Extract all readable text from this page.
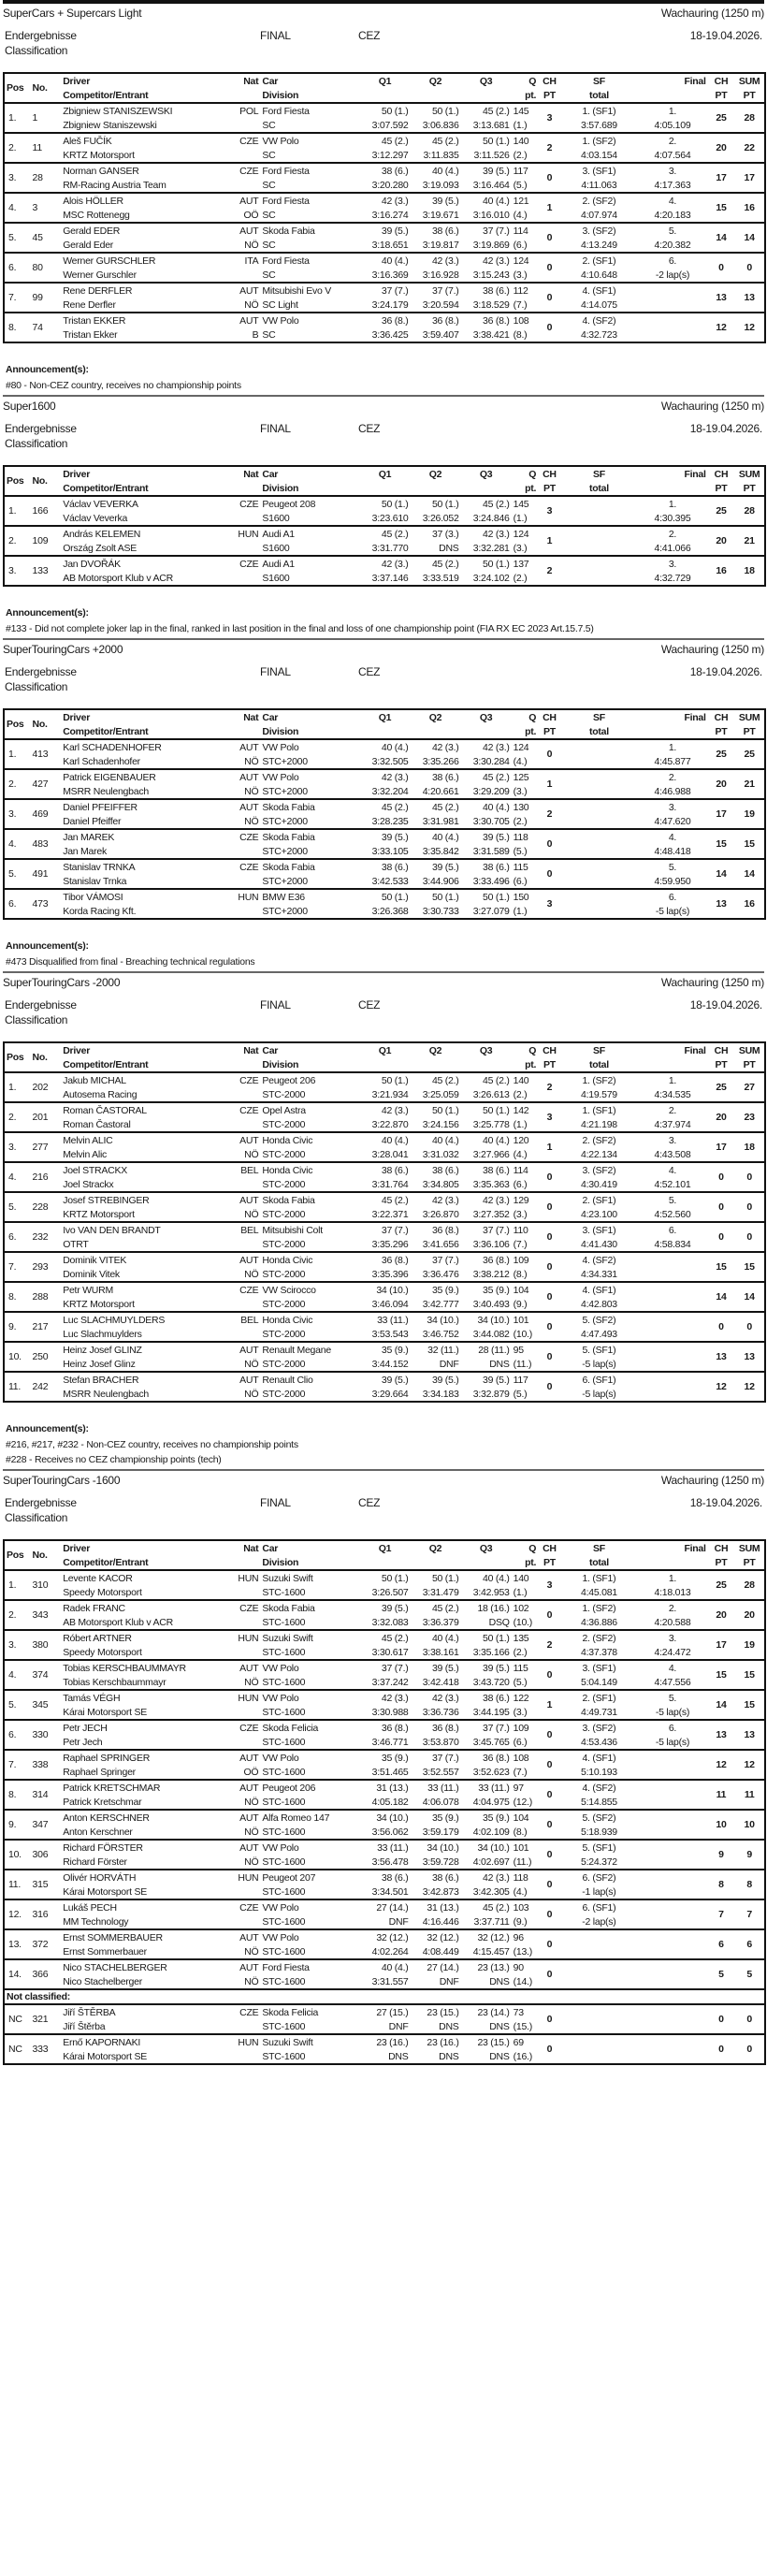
SuperCars + Supercars Light	Wachauring (1250 m)
Endergebnisse	FINAL	CEZ	18-19.04.2026.
Classification
Pos	No.	Driver	Nat	Car	Q1	Q2	Q3	Q	CH	SF	Final	CH	SUM
		Competitor/Entrant		Division				pt.	PT	total		PT	PT
1.	1	Zbigniew STANISZEWSKI	POL	Ford Fiesta	50 (1.)	50 (1.)	45 (2.)	145	3	1. (SF1)	1.	25	28
		Zbigniew Staniszewski		SC	3:07.592	3:06.836	3:13.681	(1.)		3:57.689	4:05.109		
2.	11	Aleš FUČÍK	CZE	VW Polo	45 (2.)	45 (2.)	50 (1.)	140	2	1. (SF2)	2.	20	22
		KRTZ Motorsport		SC	3:12.297	3:11.835	3:11.526	(2.)		4:03.154	4:07.564		
3.	28	Norman GANSER	CZE	Ford Fiesta	38 (6.)	40 (4.)	39 (5.)	117	0	3. (SF1)	3.	17	17
		RM-Racing Austria Team		SC	3:20.280	3:19.093	3:16.464	(5.)		4:11.063	4:17.363		
4.	3	Alois HÖLLER	AUT	Ford Fiesta	42 (3.)	39 (5.)	40 (4.)	121	1	2. (SF2)	4.	15	16
		MSC Rottenegg	OÖ	SC	3:16.274	3:19.671	3:16.010	(4.)		4:07.974	4:20.183		
5.	45	Gerald EDER	AUT	Skoda Fabia	39 (5.)	38 (6.)	37 (7.)	114	0	3. (SF2)	5.	14	14
		Gerald Eder	NÖ	SC	3:18.651	3:19.817	3:19.869	(6.)		4:13.249	4:20.382		
6.	80	Werner GURSCHLER	ITA	Ford Fiesta	40 (4.)	42 (3.)	42 (3.)	124	0	2. (SF1)	6.	0	0
		Werner Gurschler		SC	3:16.369	3:16.928	3:15.243	(3.)		4:10.648	-2 lap(s)		
7.	99	Rene DERFLER	AUT	Mitsubishi Evo V	37 (7.)	37 (7.)	38 (6.)	112	0	4. (SF1)		13	13
		Rene Derfler	NÖ	SC Light	3:24.179	3:20.594	3:18.529	(7.)		4:14.075			
8.	74	Tristan EKKER	AUT	VW Polo	36 (8.)	36 (8.)	36 (8.)	108	0	4. (SF2)		12	12
		Tristan Ekker	B	SC	3:36.425	3:59.407	3:38.421	(8.)		4:32.723			
Announcement(s):
#80 - Non-CEZ country, receives no championship points
Super1600	Wachauring (1250 m)
Endergebnisse	FINAL	CEZ	18-19.04.2026.
Classification
Pos	No.	Driver	Nat	Car	Q1	Q2	Q3	Q	CH	SF	Final	CH	SUM
		Competitor/Entrant		Division				pt.	PT	total		PT	PT
1.	166	Václav VEVERKA	CZE	Peugeot 208	50 (1.)	50 (1.)	45 (2.)	145	3		1.	25	28
		Václav Veverka		S1600	3:23.610	3:26.052	3:24.846	(1.)			4:30.395		
2.	109	András KELEMEN	HUN	Audi A1	45 (2.)	37 (3.)	42 (3.)	124	1		2.	20	21
		Ország Zsolt ASE		S1600	3:31.770	DNS	3:32.281	(3.)			4:41.066		
3.	133	Jan DVOŘÁK	CZE	Audi A1	42 (3.)	45 (2.)	50 (1.)	137	2		3.	16	18
		AB Motorsport Klub v ACR		S1600	3:37.146	3:33.519	3:24.102	(2.)			4:32.729		
Announcement(s):
#133 - Did not complete joker lap in the final, ranked in last position in the final and loss of one championship point (FIA RX EC 2023 Art.15.7.5)
SuperTouringCars +2000	Wachauring (1250 m)
Endergebnisse	FINAL	CEZ	18-19.04.2026.
Classification
Pos	No.	Driver	Nat	Car	Q1	Q2	Q3	Q	CH	SF	Final	CH	SUM
		Competitor/Entrant		Division				pt.	PT	total		PT	PT
1.	413	Karl SCHADENHOFER	AUT	VW Polo	40 (4.)	42 (3.)	42 (3.)	124	0		1.	25	25
		Karl Schadenhofer	NÖ	STC+2000	3:32.505	3:35.266	3:30.284	(4.)			4:45.877		
2.	427	Patrick EIGENBAUER	AUT	VW Polo	42 (3.)	38 (6.)	45 (2.)	125	1		2.	20	21
		MSRR Neulengbach	NÖ	STC+2000	3:32.204	4:20.661	3:29.209	(3.)			4:46.988		
3.	469	Daniel PFEIFFER	AUT	Skoda Fabia	45 (2.)	45 (2.)	40 (4.)	130	2		3.	17	19
		Daniel Pfeiffer	NÖ	STC+2000	3:28.235	3:31.981	3:30.705	(2.)			4:47.620		
4.	483	Jan MAREK	CZE	Skoda Fabia	39 (5.)	40 (4.)	39 (5.)	118	0		4.	15	15
		Jan Marek		STC+2000	3:33.105	3:35.842	3:31.589	(5.)			4:48.418		
5.	491	Stanislav TRNKA	CZE	Skoda Fabia	38 (6.)	39 (5.)	38 (6.)	115	0		5.	14	14
		Stanislav Trnka		STC+2000	3:42.533	3:44.906	3:33.496	(6.)			4:59.950		
6.	473	Tibor VÁMOSI	HUN	BMW E36	50 (1.)	50 (1.)	50 (1.)	150	3		6.	13	16
		Korda Racing Kft.		STC+2000	3:26.368	3:30.733	3:27.079	(1.)			-5 lap(s)		
Announcement(s):
#473 Disqualified from final - Breaching technical regulations
SuperTouringCars -2000	Wachauring (1250 m)
Endergebnisse	FINAL	CEZ	18-19.04.2026.
Classification
Pos	No.	Driver	Nat	Car	Q1	Q2	Q3	Q	CH	SF	Final	CH	SUM
		Competitor/Entrant		Division				pt.	PT	total		PT	PT
1.	202	Jakub MICHAL	CZE	Peugeot 206	50 (1.)	45 (2.)	45 (2.)	140	2	1. (SF2)	1.	25	27
		Autosema Racing		STC-2000	3:21.934	3:25.059	3:26.613	(2.)		4:19.579	4:34.535		
2.	201	Roman ČASTORAL	CZE	Opel Astra	42 (3.)	50 (1.)	50 (1.)	142	3	1. (SF1)	2.	20	23
		Roman Častoral		STC-2000	3:22.870	3:24.156	3:25.778	(1.)		4:21.198	4:37.974		
3.	277	Melvin ALIC	AUT	Honda Civic	40 (4.)	40 (4.)	40 (4.)	120	1	2. (SF2)	3.	17	18
		Melvin Alic	NÖ	STC-2000	3:28.041	3:31.032	3:27.966	(4.)		4:22.134	4:43.508		
4.	216	Joel STRACKX	BEL	Honda Civic	38 (6.)	38 (6.)	38 (6.)	114	0	3. (SF2)	4.	0	0
		Joel Strackx		STC-2000	3:31.764	3:34.805	3:35.363	(6.)		4:30.419	4:52.101		
5.	228	Josef STREBINGER	AUT	Skoda Fabia	45 (2.)	42 (3.)	42 (3.)	129	0	2. (SF1)	5.	0	0
		KRTZ Motorsport	NÖ	STC-2000	3:22.371	3:26.870	3:27.352	(3.)		4:23.100	4:52.560		
6.	232	Ivo VAN DEN BRANDT	BEL	Mitsubishi Colt	37 (7.)	36 (8.)	37 (7.)	110	0	3. (SF1)	6.	0	0
		OTRT		STC-2000	3:35.296	3:41.656	3:36.106	(7.)		4:41.430	4:58.834		
7.	293	Dominik VITEK	AUT	Honda Civic	36 (8.)	37 (7.)	36 (8.)	109	0	4. (SF2)		15	15
		Dominik Vitek	NÖ	STC-2000	3:35.396	3:36.476	3:38.212	(8.)		4:34.331			
8.	288	Petr WURM	CZE	VW Scirocco	34 (10.)	35 (9.)	35 (9.)	104	0	4. (SF1)		14	14
		KRTZ Motorsport		STC-2000	3:46.094	3:42.777	3:40.493	(9.)		4:42.803			
9.	217	Luc SLACHMUYLDERS	BEL	Honda Civic	33 (11.)	34 (10.)	34 (10.)	101	0	5. (SF2)		0	0
		Luc Slachmuylders		STC-2000	3:53.543	3:46.752	3:44.082	(10.)		4:47.493			
10.	250	Heinz Josef GLINZ	AUT	Renault Megane	35 (9.)	32 (11.)	28 (11.)	95	0	5. (SF1)		13	13
		Heinz Josef Glinz	NÖ	STC-2000	3:44.152	DNF	DNS	(11.)		-5 lap(s)			
11.	242	Stefan BRACHER	AUT	Renault Clio	39 (5.)	39 (5.)	39 (5.)	117	0	6. (SF1)		12	12
		MSRR Neulengbach	NÖ	STC-2000	3:29.664	3:34.183	3:32.879	(5.)		-5 lap(s)			
Announcement(s):
#216, #217, #232 - Non-CEZ country, receives no championship points
#228 - Receives no CEZ championship points (tech)
SuperTouringCars -1600	Wachauring (1250 m)
Endergebnisse	FINAL	CEZ	18-19.04.2026.
Classification
Pos	No.	Driver	Nat	Car	Q1	Q2	Q3	Q	CH	SF	Final	CH	SUM
		Competitor/Entrant		Division				pt.	PT	total		PT	PT
1.	310	Levente KACOR	HUN	Suzuki Swift	50 (1.)	50 (1.)	40 (4.)	140	3	1. (SF1)	1.	25	28
		Speedy Motorsport		STC-1600	3:26.507	3:31.479	3:42.953	(1.)		4:45.081	4:18.013		
2.	343	Radek FRANC	CZE	Skoda Fabia	39 (5.)	45 (2.)	18 (16.)	102	0	1. (SF2)	2.	20	20
		AB Motorsport Klub v ACR		STC-1600	3:32.083	3:36.379	DSQ	(10.)		4:36.886	4:20.588		
3.	380	Róbert ARTNER	HUN	Suzuki Swift	45 (2.)	40 (4.)	50 (1.)	135	2	2. (SF2)	3.	17	19
		Speedy Motorsport		STC-1600	3:30.617	3:38.161	3:35.166	(2.)		4:37.378	4:24.472		
4.	374	Tobias KERSCHBAUMMAYR	AUT	VW Polo	37 (7.)	39 (5.)	39 (5.)	115	0	3. (SF1)	4.	15	15
		Tobias Kerschbaummayr	NÖ	STC-1600	3:37.242	3:42.418	3:43.720	(5.)		5:04.149	4:47.556		
5.	345	Tamás VÉGH	HUN	VW Polo	42 (3.)	42 (3.)	38 (6.)	122	1	2. (SF1)	5.	14	15
		Kárai Motorsport SE		STC-1600	3:30.988	3:36.736	3:44.195	(3.)		4:49.731	-5 lap(s)		
6.	330	Petr JECH	CZE	Skoda Felicia	36 (8.)	36 (8.)	37 (7.)	109	0	3. (SF2)	6.	13	13
		Petr Jech		STC-1600	3:46.771	3:53.870	3:45.765	(6.)		4:53.436	-5 lap(s)		
7.	338	Raphael SPRINGER	AUT	VW Polo	35 (9.)	37 (7.)	36 (8.)	108	0	4. (SF1)		12	12
		Raphael Springer	OÖ	STC-1600	3:51.465	3:52.557	3:52.623	(7.)		5:10.193			
8.	314	Patrick KRETSCHMAR	AUT	Peugeot 206	31 (13.)	33 (11.)	33 (11.)	97	0	4. (SF2)		11	11
		Patrick Kretschmar	NÖ	STC-1600	4:05.182	4:06.078	4:04.975	(12.)		5:14.855			
9.	347	Anton KERSCHNER	AUT	Alfa Romeo 147	34 (10.)	35 (9.)	35 (9.)	104	0	5. (SF2)		10	10
		Anton Kerschner	NÖ	STC-1600	3:56.062	3:59.179	4:02.109	(8.)		5:18.939			
10.	306	Richard FÖRSTER	AUT	VW Polo	33 (11.)	34 (10.)	34 (10.)	101	0	5. (SF1)		9	9
		Richard Förster	NÖ	STC-1600	3:56.478	3:59.728	4:02.697	(11.)		5:24.372			
11.	315	Olivér HORVÁTH	HUN	Peugeot 207	38 (6.)	38 (6.)	42 (3.)	118	0	6. (SF2)		8	8
		Kárai Motorsport SE		STC-1600	3:34.501	3:42.873	3:42.305	(4.)		-1 lap(s)			
12.	316	Lukáš PECH	CZE	VW Polo	27 (14.)	31 (13.)	45 (2.)	103	0	6. (SF1)		7	7
		MM Technology		STC-1600	DNF	4:16.446	3:37.711	(9.)		-2 lap(s)			
13.	372	Ernst SOMMERBAUER	AUT	VW Polo	32 (12.)	32 (12.)	32 (12.)	96	0			6	6
		Ernst Sommerbauer	NÖ	STC-1600	4:02.264	4:08.449	4:15.457	(13.)					
14.	366	Nico STACHELBERGER	AUT	Ford Fiesta	40 (4.)	27 (14.)	23 (13.)	90	0			5	5
		Nico Stachelberger	NÖ	STC-1600	3:31.557	DNF	DNS	(14.)					
Not classified:													
NC	321	Jiří ŠTĚRBA	CZE	Skoda Felicia	27 (15.)	23 (15.)	23 (14.)	73	0			0	0
		Jiří Štěrba		STC-1600	DNF	DNS	DNS	(15.)					
NC	333	Ernő KAPORNAKI	HUN	Suzuki Swift	23 (16.)	23 (16.)	23 (15.)	69	0			0	0
		Kárai Motorsport SE		STC-1600	DNS	DNS	DNS	(16.)					
